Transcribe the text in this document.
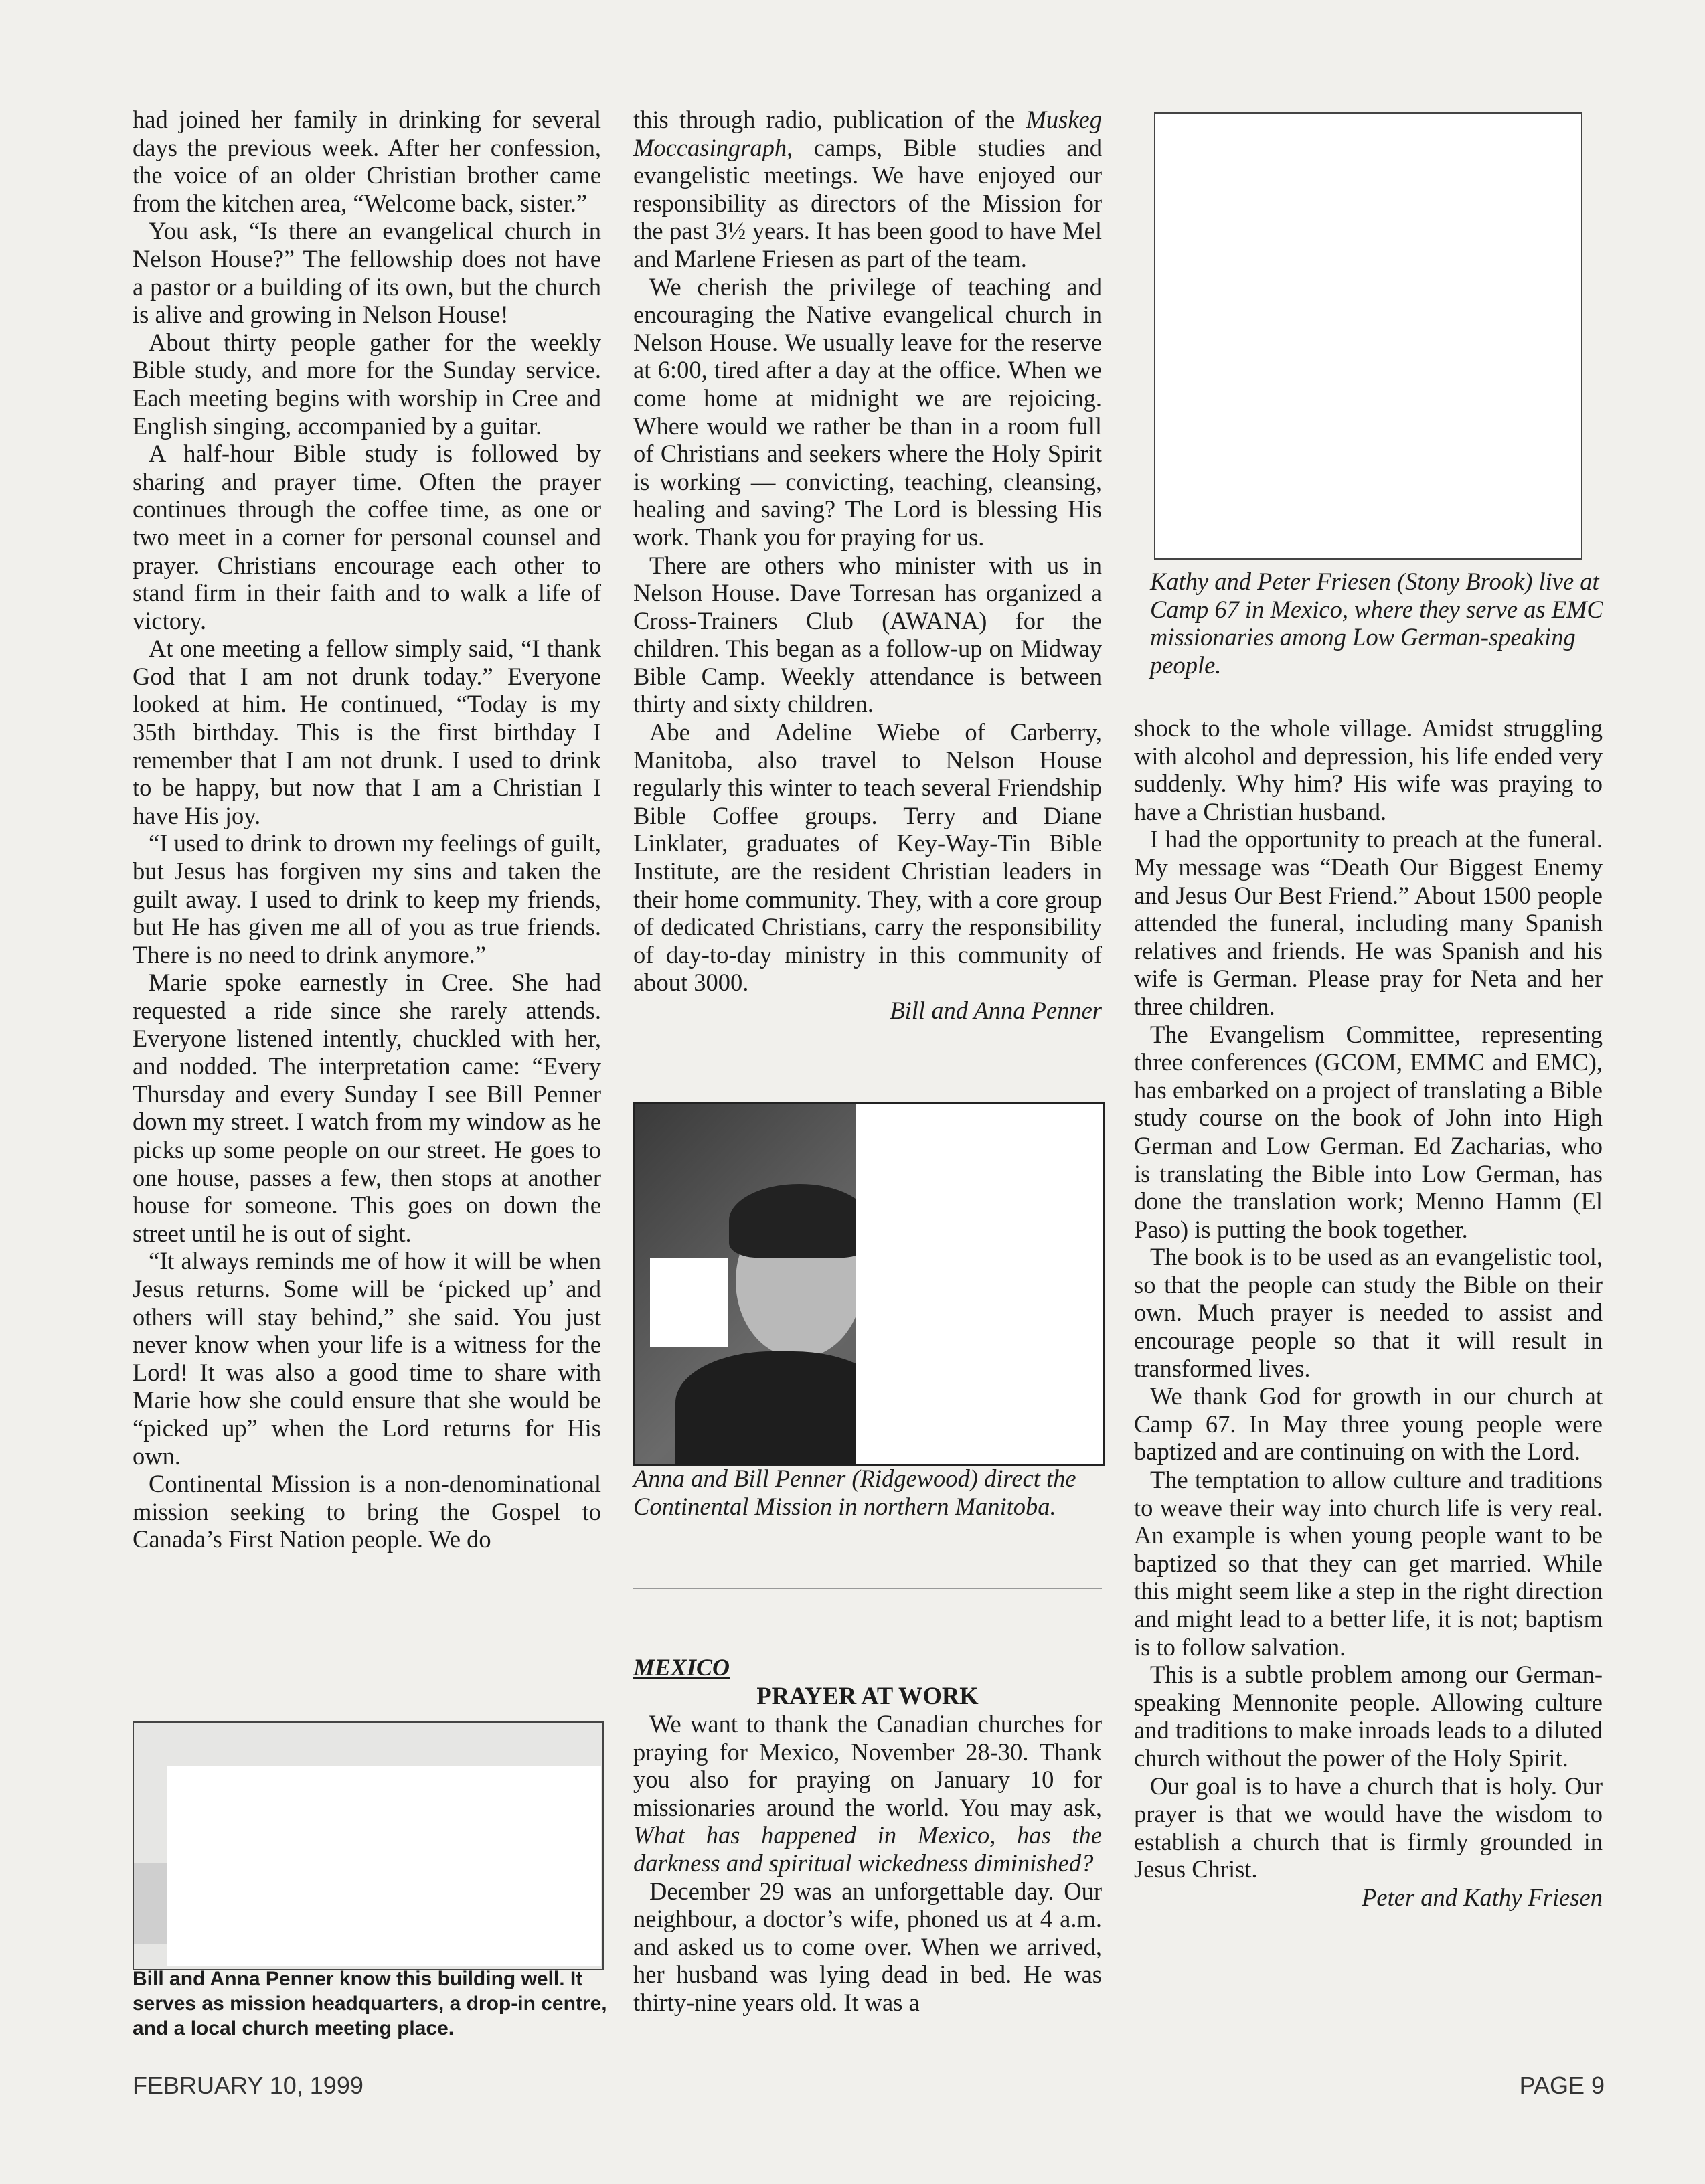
had joined her family in drinking for several days the previous week. After her confession, the voice of an older Christian brother came from the kitchen area, “Welcome back, sister.”

You ask, “Is there an evangelical church in Nelson House?” The fellowship does not have a pastor or a building of its own, but the church is alive and growing in Nelson House!

About thirty people gather for the weekly Bible study, and more for the Sunday service. Each meeting begins with worship in Cree and English singing, accompanied by a guitar.

A half-hour Bible study is followed by sharing and prayer time. Often the prayer continues through the coffee time, as one or two meet in a corner for personal counsel and prayer. Christians encourage each other to stand firm in their faith and to walk a life of victory.

At one meeting a fellow simply said, “I thank God that I am not drunk today.” Everyone looked at him. He continued, “Today is my 35th birthday. This is the first birthday I remember that I am not drunk. I used to drink to be happy, but now that I am a Christian I have His joy.

“I used to drink to drown my feelings of guilt, but Jesus has forgiven my sins and taken the guilt away. I used to drink to keep my friends, but He has given me all of you as true friends. There is no need to drink anymore.”

Marie spoke earnestly in Cree. She had requested a ride since she rarely attends. Everyone listened intently, chuckled with her, and nodded. The interpretation came: “Every Thursday and every Sunday I see Bill Penner down my street. I watch from my window as he picks up some people on our street. He goes to one house, passes a few, then stops at another house for someone. This goes on down the street until he is out of sight.

“It always reminds me of how it will be when Jesus returns. Some will be ‘picked up’ and others will stay behind,” she said. You just never know when your life is a witness for the Lord! It was also a good time to share with Marie how she could ensure that she would be “picked up” when the Lord returns for His own.

Continental Mission is a non-denominational mission seeking to bring the Gospel to Canada’s First Nation people. We do

Bill and Anna Penner know this building well. It serves as mission headquarters, a drop-in centre, and a local church meeting place.

this through radio, publication of the Muskeg Moccasingraph, camps, Bible studies and evangelistic meetings. We have enjoyed our responsibility as directors of the Mission for the past 3½ years. It has been good to have Mel and Marlene Friesen as part of the team.

We cherish the privilege of teaching and encouraging the Native evangelical church in Nelson House. We usually leave for the reserve at 6:00, tired after a day at the office. When we come home at midnight we are rejoicing. Where would we rather be than in a room full of Christians and seekers where the Holy Spirit is working — convicting, teaching, cleansing, healing and saving? The Lord is blessing His work. Thank you for praying for us.

There are others who minister with us in Nelson House. Dave Torresan has organized a Cross-Trainers Club (AWANA) for the children. This began as a follow-up on Midway Bible Camp. Weekly attendance is between thirty and sixty children.

Abe and Adeline Wiebe of Carberry, Manitoba, also travel to Nelson House regularly this winter to teach several Friendship Bible Coffee groups. Terry and Diane Linklater, graduates of Key-Way-Tin Bible Institute, are the resident Christian leaders in their home community. They, with a core group of dedicated Christians, carry the responsibility of day-to-day ministry in this community of about 3000.

Bill and Anna Penner

Anna and Bill Penner (Ridgewood) direct the Continental Mission in northern Manitoba.

MEXICO

PRAYER AT WORK

We want to thank the Canadian churches for praying for Mexico, November 28-30. Thank you also for praying on January 10 for missionaries around the world. You may ask, What has happened in Mexico, has the darkness and spiritual wickedness diminished?

December 29 was an unforgettable day. Our neighbour, a doctor’s wife, phoned us at 4 a.m. and asked us to come over. When we arrived, her husband was lying dead in bed. He was thirty-nine years old. It was a

Kathy and Peter Friesen (Stony Brook) live at Camp 67 in Mexico, where they serve as EMC missionaries among Low German-speaking people.

shock to the whole village. Amidst struggling with alcohol and depression, his life ended very suddenly. Why him? His wife was praying to have a Christian husband.

I had the opportunity to preach at the funeral. My message was “Death Our Biggest Enemy and Jesus Our Best Friend.” About 1500 people attended the funeral, including many Spanish relatives and friends. He was Spanish and his wife is German. Please pray for Neta and her three children.

The Evangelism Committee, representing three conferences (GCOM, EMMC and EMC), has embarked on a project of translating a Bible study course on the book of John into High German and Low German. Ed Zacharias, who is translating the Bible into Low German, has done the translation work; Menno Hamm (El Paso) is putting the book together.

The book is to be used as an evangelistic tool, so that the people can study the Bible on their own. Much prayer is needed to assist and encourage people so that it will result in transformed lives.

We thank God for growth in our church at Camp 67. In May three young people were baptized and are continuing on with the Lord.

The temptation to allow culture and traditions to weave their way into church life is very real. An example is when young people want to be baptized so that they can get married. While this might seem like a step in the right direction and might lead to a better life, it is not; baptism is to follow salvation.

This is a subtle problem among our German-speaking Mennonite people. Allowing culture and traditions to make inroads leads to a diluted church without the power of the Holy Spirit.

Our goal is to have a church that is holy. Our prayer is that we would have the wisdom to establish a church that is firmly grounded in Jesus Christ.

Peter and Kathy Friesen

FEBRUARY 10, 1999	PAGE 9
